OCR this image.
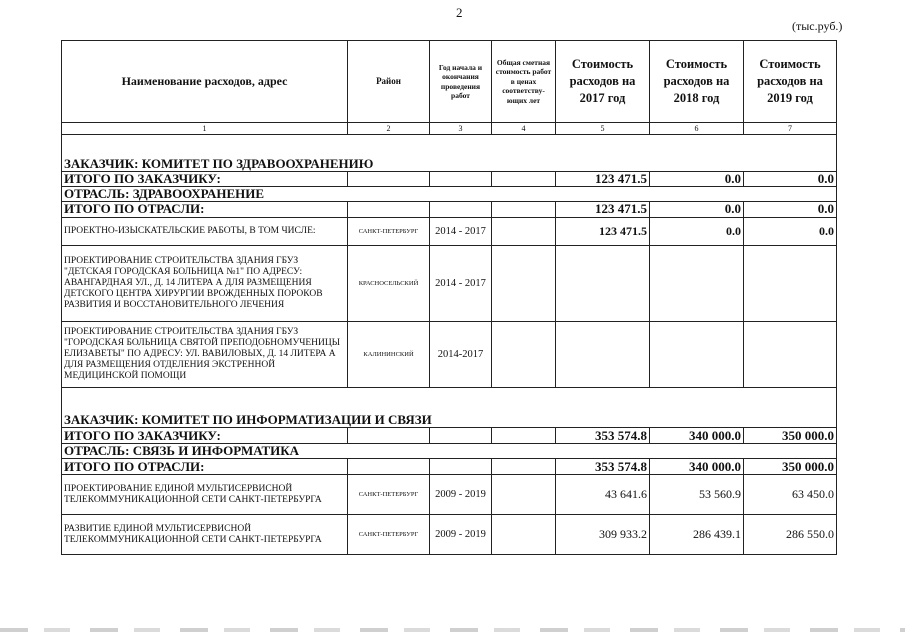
2
(тыс.руб.)
Наименование расходов, адрес	Район	Год начала и окончания проведения работ	Общая сметная стоимость работ в ценах соответству- ющих лет	Стоимость расходов на 2017 год	Стоимость расходов на 2018 год	Стоимость расходов на 2019 год
1	2	3	4	5	6	7

ЗАКАЗЧИК: КОМИТЕТ ПО ЗДРАВООХРАНЕНИЮ						
ИТОГО ПО ЗАКАЗЧИКУ:				123 471.5	0.0	0.0
ОТРАСЛЬ: ЗДРАВООХРАНЕНИЕ						
ИТОГО ПО ОТРАСЛИ:				123 471.5	0.0	0.0
ПРОЕКТНО-ИЗЫСКАТЕЛЬСКИЕ РАБОТЫ, В ТОМ ЧИСЛЕ:	САНКТ-ПЕТЕРБУРГ	2014 - 2017		123 471.5	0.0	0.0
ПРОЕКТИРОВАНИЕ СТРОИТЕЛЬСТВА ЗДАНИЯ ГБУЗ "ДЕТСКАЯ ГОРОДСКАЯ БОЛЬНИЦА №1" ПО АДРЕСУ: АВАНГАРДНАЯ УЛ., Д. 14 ЛИТЕРА А ДЛЯ РАЗМЕЩЕНИЯ ДЕТСКОГО ЦЕНТРА ХИРУРГИИ ВРОЖДЕННЫХ ПОРОКОВ РАЗВИТИЯ И ВОССТАНОВИТЕЛЬНОГО ЛЕЧЕНИЯ	КРАСНОСЕЛЬСКИЙ	2014 - 2017				
ПРОЕКТИРОВАНИЕ СТРОИТЕЛЬСТВА ЗДАНИЯ ГБУЗ "ГОРОДСКАЯ БОЛЬНИЦА СВЯТОЙ ПРЕПОДОБНОМУЧЕНИЦЫ ЕЛИЗАВЕТЫ" ПО АДРЕСУ: УЛ. ВАВИЛОВЫХ, Д. 14 ЛИТЕРА А ДЛЯ РАЗМЕЩЕНИЯ ОТДЕЛЕНИЯ ЭКСТРЕННОЙ МЕДИЦИНСКОЙ ПОМОЩИ	КАЛИНИНСКИЙ	2014-2017				

ЗАКАЗЧИК: КОМИТЕТ ПО ИНФОРМАТИЗАЦИИ И СВЯЗИ						
ИТОГО ПО ЗАКАЗЧИКУ:				353 574.8	340 000.0	350 000.0
ОТРАСЛЬ: СВЯЗЬ И ИНФОРМАТИКА						
ИТОГО ПО ОТРАСЛИ:				353 574.8	340 000.0	350 000.0
ПРОЕКТИРОВАНИЕ ЕДИНОЙ МУЛЬТИСЕРВИСНОЙ ТЕЛЕКОММУНИКАЦИОННОЙ СЕТИ САНКТ-ПЕТЕРБУРГА	САНКТ-ПЕТЕРБУРГ	2009 - 2019		43 641.6	53 560.9	63 450.0
РАЗВИТИЕ ЕДИНОЙ МУЛЬТИСЕРВИСНОЙ ТЕЛЕКОММУНИКАЦИОННОЙ СЕТИ САНКТ-ПЕТЕРБУРГА	САНКТ-ПЕТЕРБУРГ	2009 - 2019		309 933.2	286 439.1	286 550.0
